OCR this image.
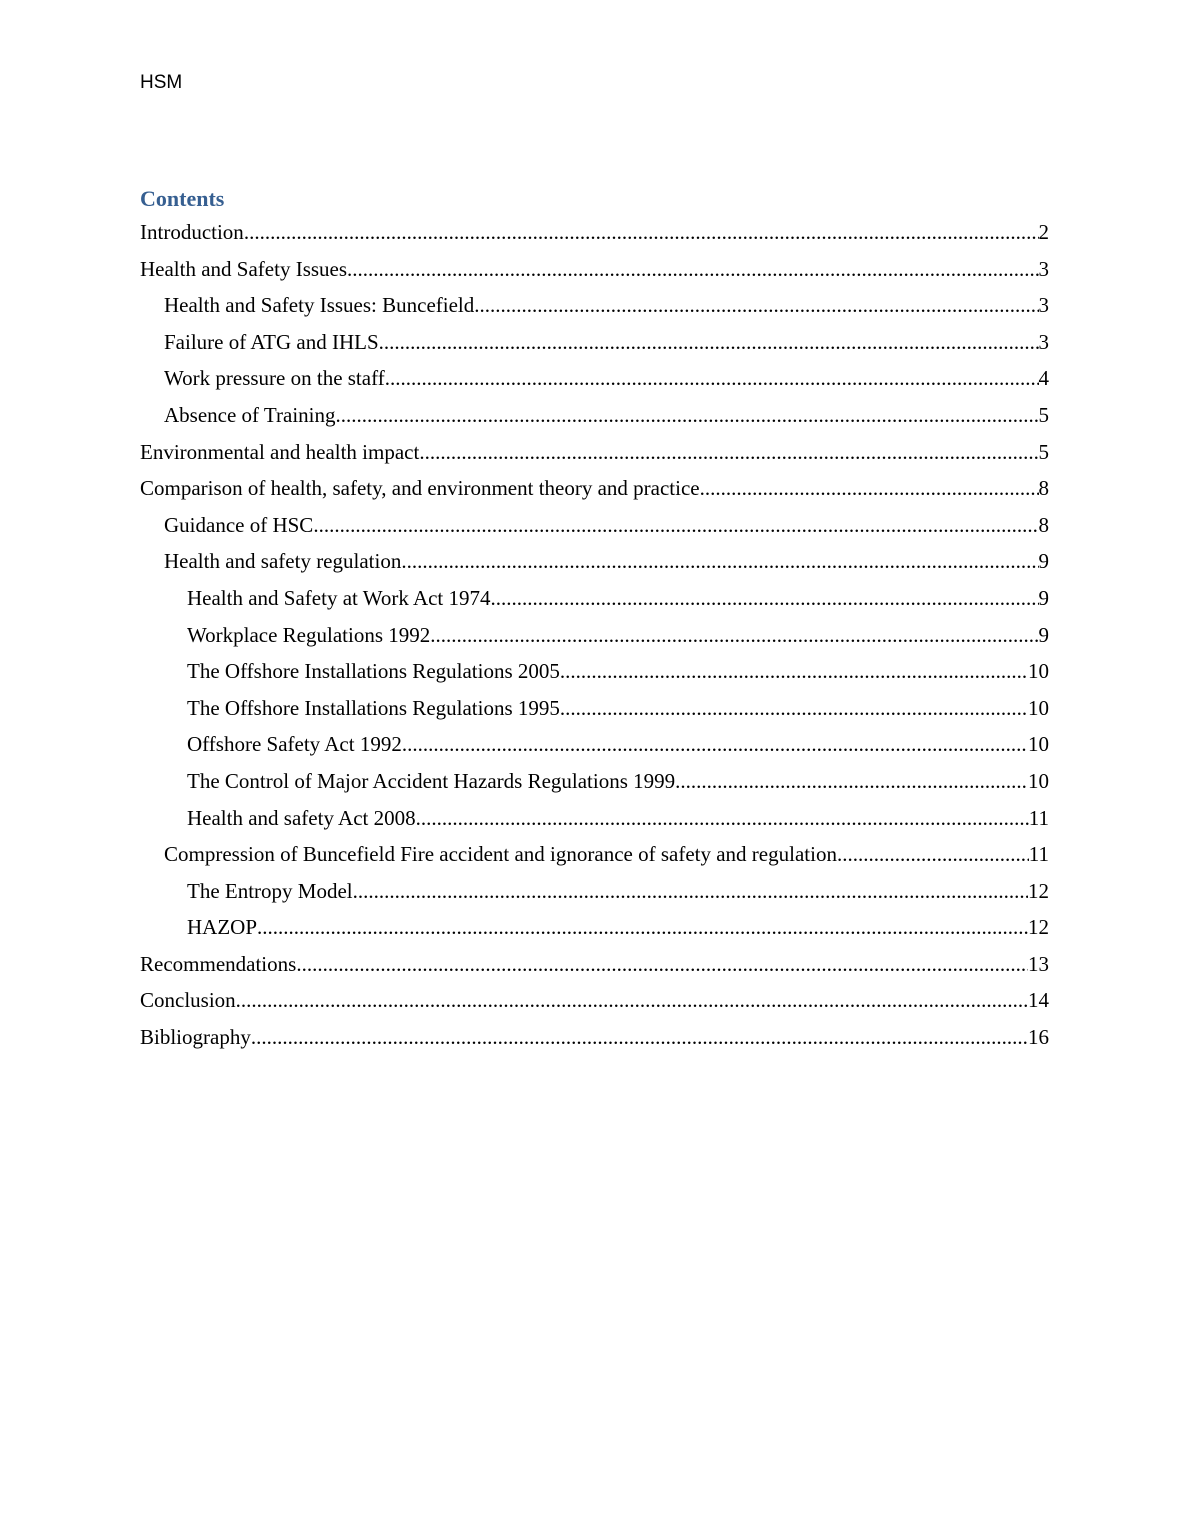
HSM
Contents
Introduction .....	2
Health and Safety Issues .....	3
Health and Safety Issues: Buncefield .....	3
Failure of ATG and IHLS .....	3
Work pressure on the staff .....	4
Absence of Training .....	5
Environmental and health impact .....	5
Comparison of health, safety, and environment theory and practice .....	8
Guidance of HSC .....	8
Health and safety regulation .....	9
Health and Safety at Work Act 1974 .....	9
Workplace Regulations 1992 .....	9
The Offshore Installations Regulations 2005 .....	10
The Offshore Installations Regulations 1995 .....	10
Offshore Safety Act 1992 .....	10
The Control of Major Accident Hazards Regulations 1999 .....	10
Health and safety Act 2008 .....	11
Compression of Buncefield Fire accident and ignorance of safety and regulation .....	11
The Entropy Model .....	12
HAZOP .....	12
Recommendations .....	13
Conclusion .....	14
Bibliography .....	16
